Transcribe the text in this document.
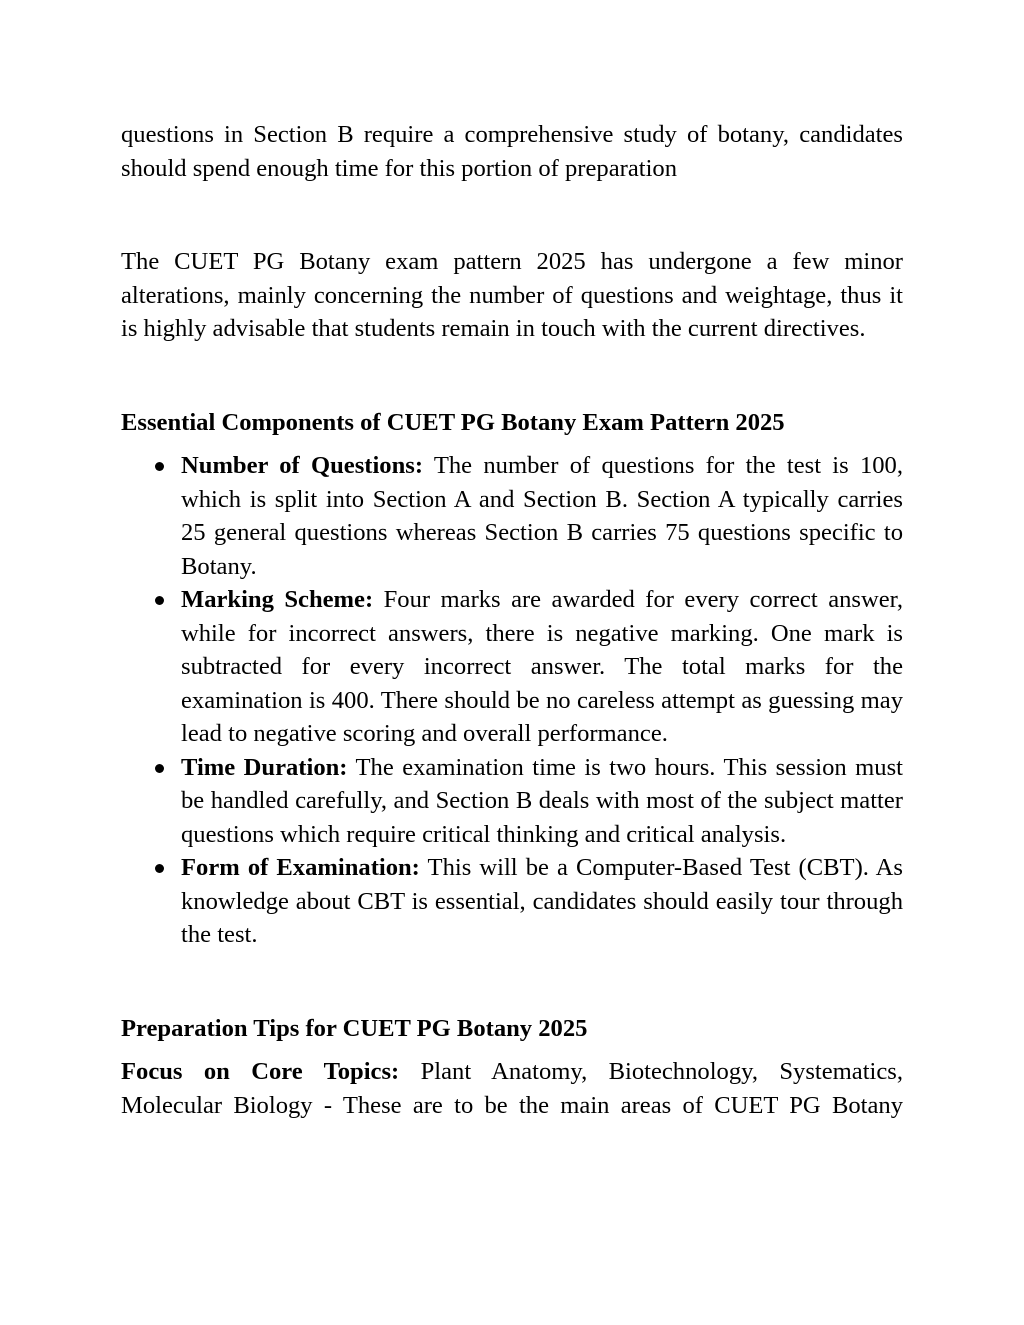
questions in Section B require a comprehensive study of botany, candidates should spend enough time for this portion of preparation

The CUET PG Botany exam pattern 2025 has undergone a few minor alterations, mainly concerning the number of questions and weightage, thus it is highly advisable that students remain in touch with the current directives.

Essential Components of CUET PG Botany Exam Pattern 2025

Number of Questions: The number of questions for the test is 100, which is split into Section A and Section B. Section A typically carries 25 general questions whereas Section B carries 75 questions specific to Botany.
Marking Scheme: Four marks are awarded for every correct answer, while for incorrect answers, there is negative marking. One mark is subtracted for every incorrect answer. The total marks for the examination is 400. There should be no careless attempt as guessing may lead to negative scoring and overall performance.
Time Duration: The examination time is two hours. This session must be handled carefully, and Section B deals with most of the subject matter questions which require critical thinking and critical analysis.
Form of Examination: This will be a Computer-Based Test (CBT). As knowledge about CBT is essential, candidates should easily tour through the test.

Preparation Tips for CUET PG Botany 2025

Focus on Core Topics: Plant Anatomy, Biotechnology, Systematics, Molecular Biology - These are to be the main areas of CUET PG Botany
